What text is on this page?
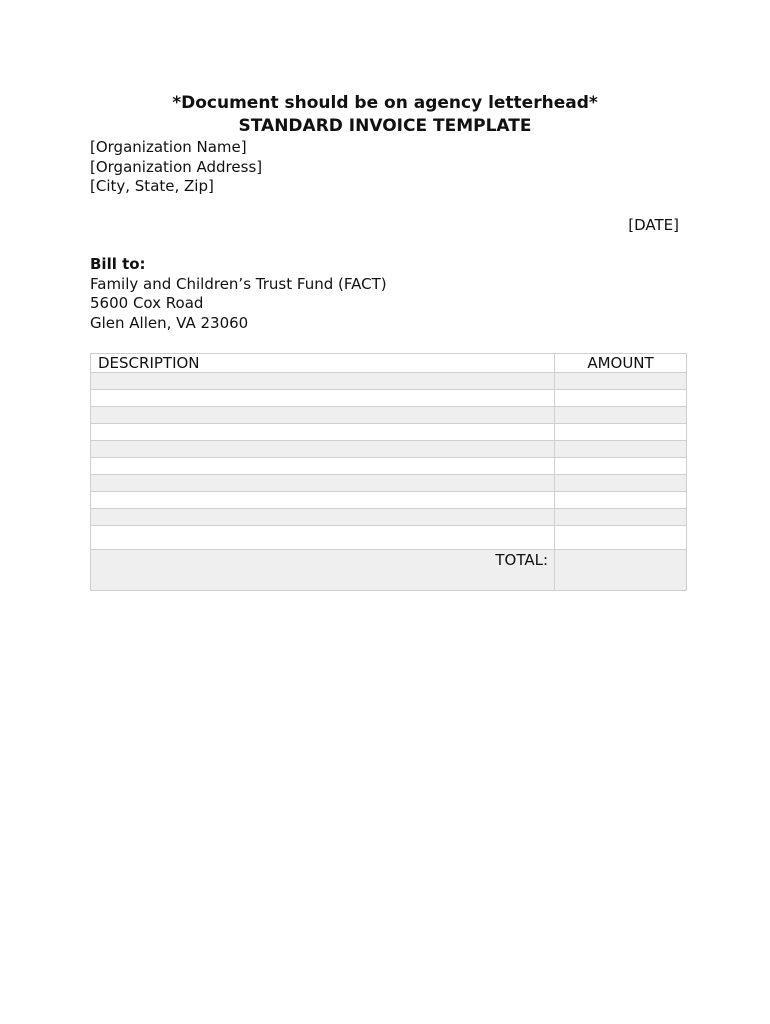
*Document should be on agency letterhead*
STANDARD INVOICE TEMPLATE
[Organization Name]
[Organization Address]
[City, State, Zip]
[DATE]
Bill to:
Family and Children’s Trust Fund (FACT)
5600 Cox Road
Glen Allen, VA 23060
DESCRIPTION	AMOUNT

TOTAL:	
